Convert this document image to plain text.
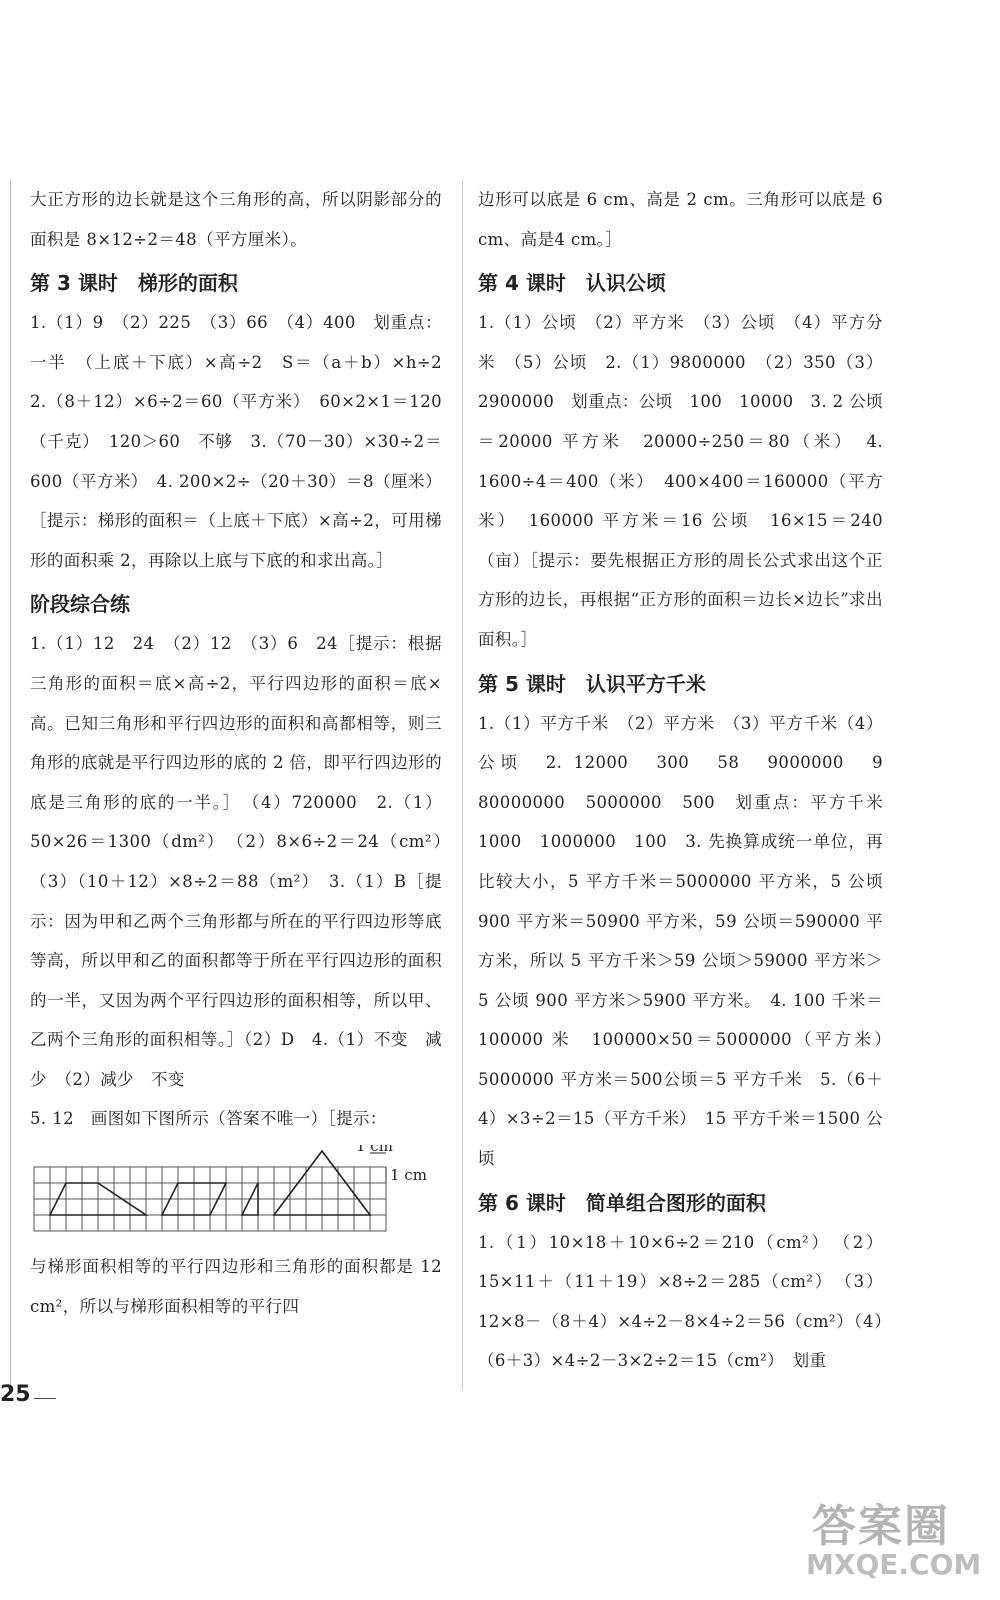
大正方形的边长就是这个三角形的高，所以阴影部分的面积是 8×12÷2＝48（平方厘米）。

第 3 课时　梯形的面积

1.（1）9　（2）225　（3）66　（4）400　划重点：一半　（上底＋下底）×高÷2　S＝（a＋b）×h÷2　2.（8＋12）×6÷2＝60（平方米）　60×2×1＝120（千克）　120＞60　不够　3.（70－30）×30÷2＝600（平方米）　4. 200×2÷（20＋30）＝8（厘米）［提示：梯形的面积＝（上底＋下底）×高÷2，可用梯形的面积乘 2，再除以上底与下底的和求出高。］

阶段综合练

1.（1）12　24　（2）12　（3）6　24［提示：根据三角形的面积＝底×高÷2，平行四边形的面积＝底×高。已知三角形和平行四边形的面积和高都相等，则三角形的底就是平行四边形的底的 2 倍，即平行四边形的底是三角形的底的一半。］　（4）720000　2.（1）50×26＝1300（dm²）　（2）8×6÷2＝24（cm²）　（3）（10＋12）×8÷2＝88（m²）　3.（1）B［提示：因为甲和乙两个三角形都与所在的平行四边形等底等高，所以甲和乙的面积都等于所在平行四边形的面积的一半，又因为两个平行四边形的面积相等，所以甲、乙两个三角形的面积相等。］（2）D　4.（1）不变　减少　（2）减少　不变

5. 12　画图如下图所示（答案不唯一）［提示：

1 cm
1 cm

与梯形面积相等的平行四边形和三角形的面积都是 12 cm²，所以与梯形面积相等的平行四

边形可以底是 6 cm、高是 2 cm。三角形可以底是 6 cm、高是4 cm。］

第 4 课时　认识公顷

1.（1）公顷　（2）平方米　（3）公顷　（4）平方分米　（5）公顷　2.（1）9800000　（2）350（3）2900000　划重点：公顷　100　10000　3. 2 公顷＝20000 平方米　20000÷250＝80（米）　4. 1600÷4＝400（米）　400×400＝160000（平方米）　160000 平方米＝16 公顷　16×15＝240（亩）［提示：要先根据正方形的周长公式求出这个正方形的边长，再根据“正方形的面积＝边长×边长”求出面积。］

第 5 课时　认识平方千米

1.（1）平方千米　（2）平方米　（3）平方千米（4）公顷　2. 12000　300　58　9000000　9　80000000　5000000　500　划重点：平方千米　1000　1000000　100　3. 先换算成统一单位，再比较大小，5 平方千米＝5000000 平方米，5 公顷 900 平方米＝50900 平方米，59 公顷＝590000 平方米，所以 5 平方千米＞59 公顷＞59000 平方米＞5 公顷 900 平方米＞5900 平方米。　4. 100 千米＝100000 米　100000×50＝5000000（平方米）　5000000 平方米＝500公顷＝5 平方千米　5.（6＋4）×3÷2＝15（平方千米）　15 平方千米＝1500 公顷

第 6 课时　简单组合图形的面积

1.（1）10×18＋10×6÷2＝210（cm²）　（2）15×11＋（11＋19）×8÷2＝285（cm²）　（3）12×8－（8＋4）×4÷2－8×4÷2＝56（cm²）（4）（6＋3）×4÷2－3×2÷2＝15（cm²）　划重

25
答案圈
MXQE.COM
